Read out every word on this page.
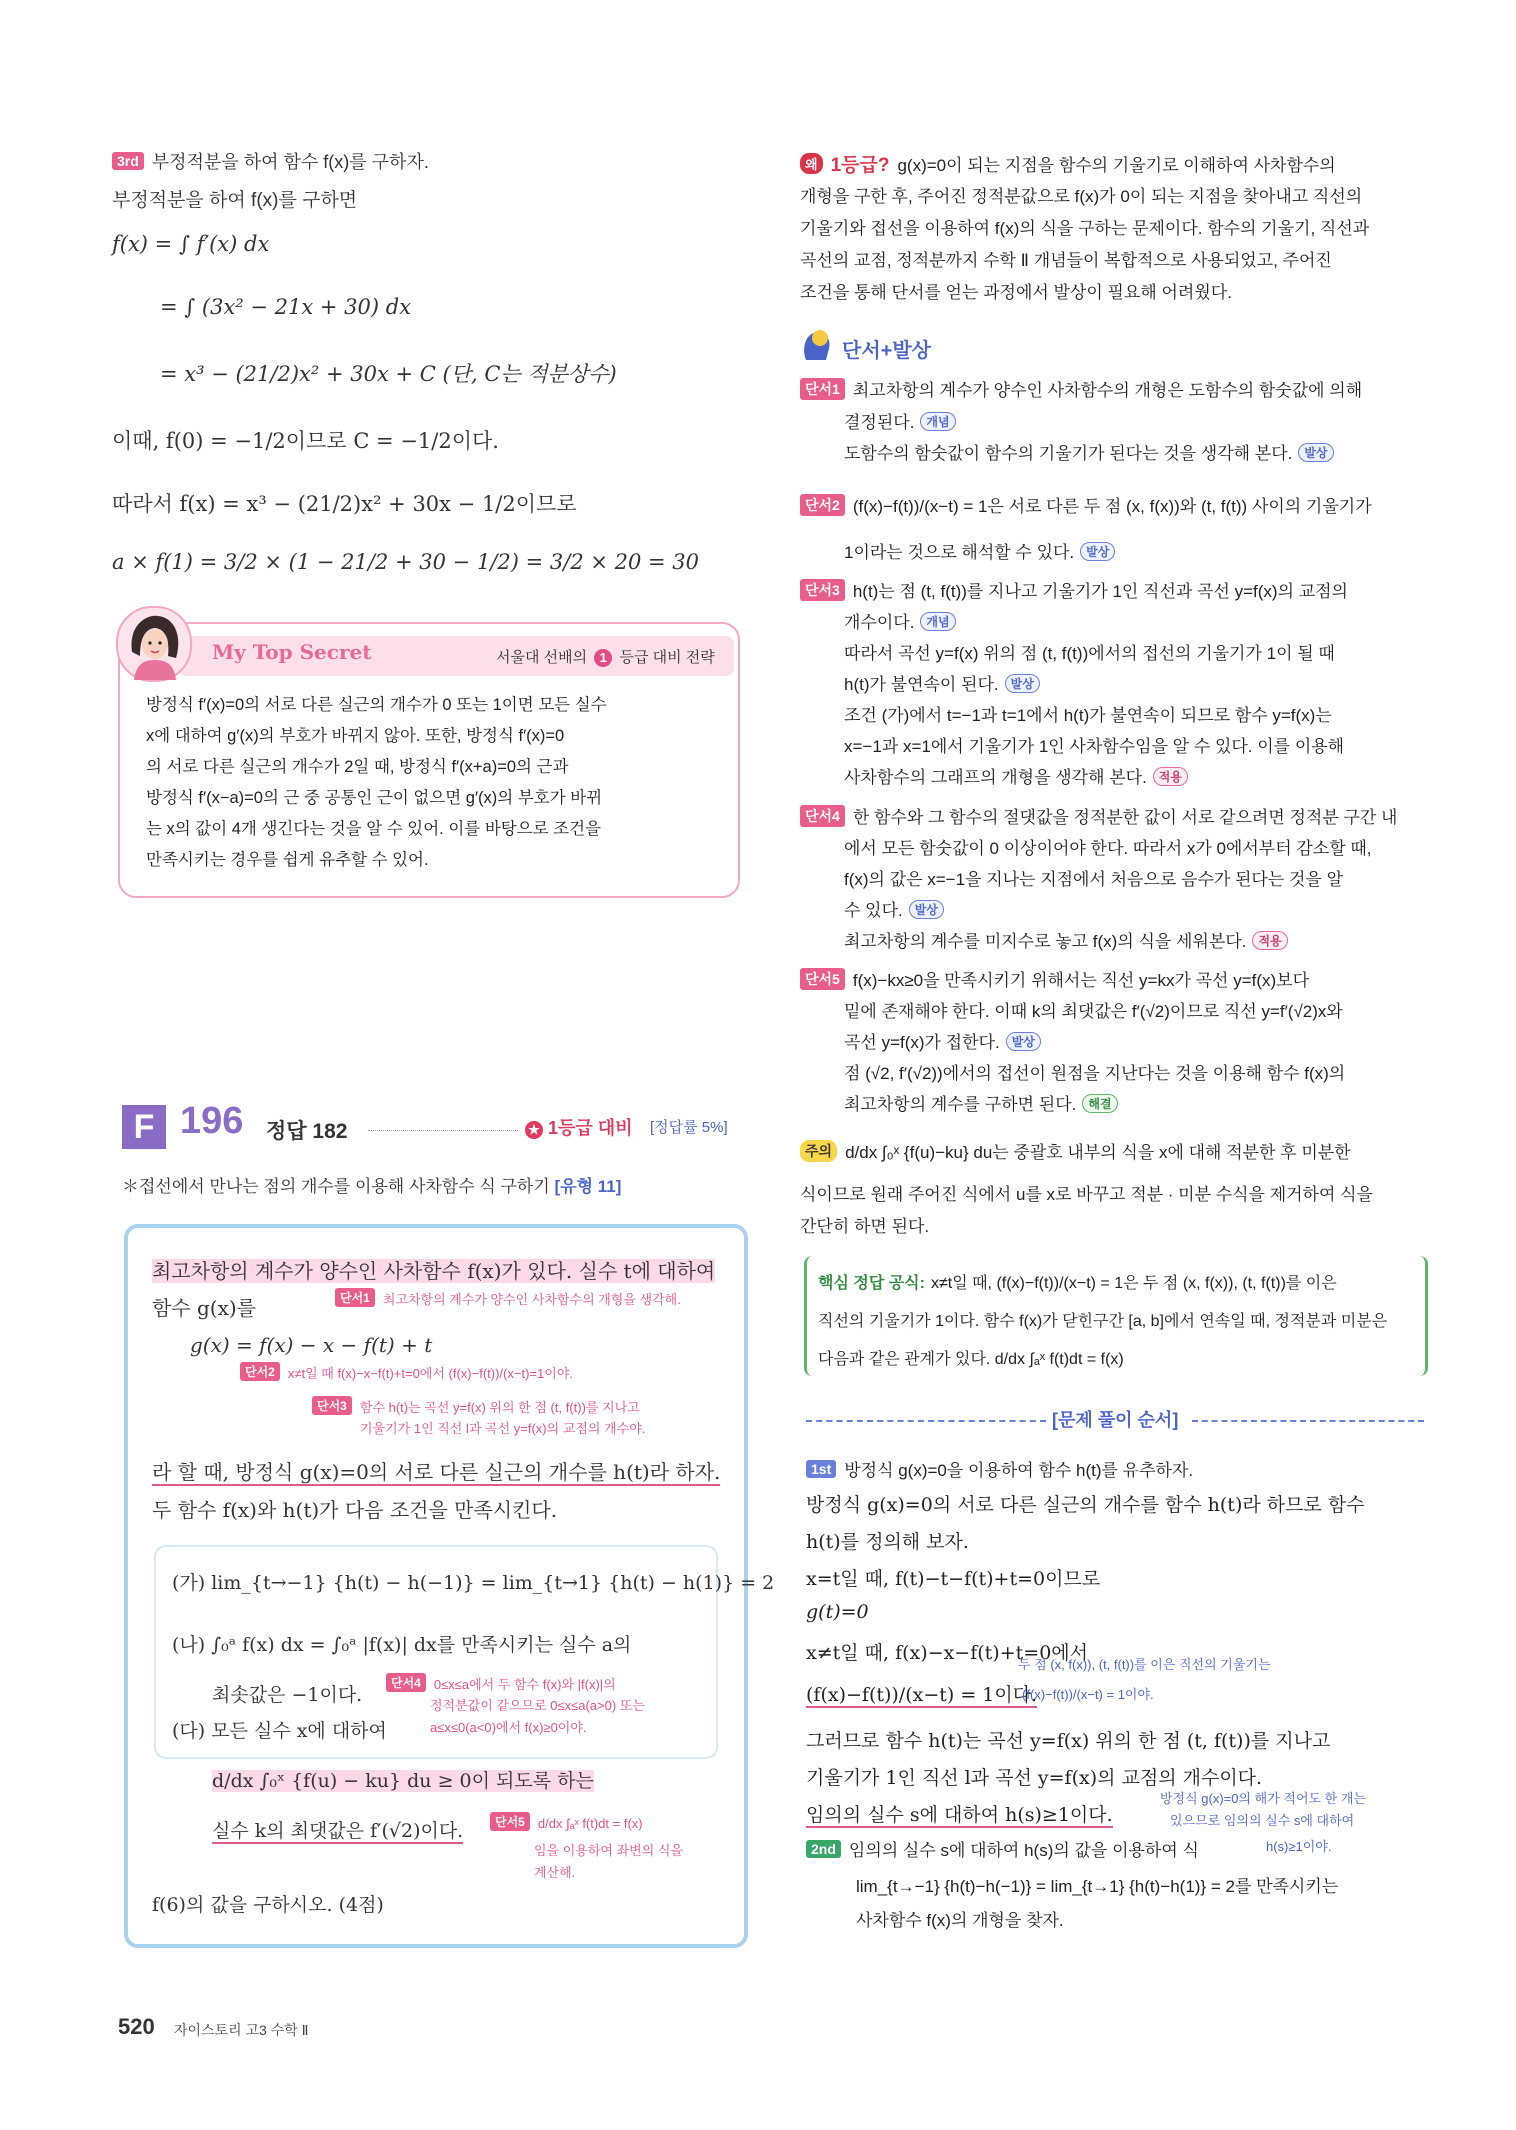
3rd 부정적분을 하여 함수 f(x)를 구하자.
부정적분을 하여 f(x)를 구하면
f(x) = ∫ f′(x) dx
= ∫ (3x² − 21x + 30) dx
= x³ − (21/2)x² + 30x + C (단, C는 적분상수)
이때, f(0) = −1/2이므로 C = −1/2이다.
따라서 f(x) = x³ − (21/2)x² + 30x − 1/2이므로
a × f(1) = 3/2 × (1 − 21/2 + 30 − 1/2) = 3/2 × 20 = 30
My Top Secret	서울대 선배의 1 등급 대비 전략
방정식 f′(x)=0의 서로 다른 실근의 개수가 0 또는 1이면 모든 실수
x에 대하여 g′(x)의 부호가 바뀌지 않아. 또한, 방정식 f′(x)=0
의 서로 다른 실근의 개수가 2일 때, 방정식 f′(x+a)=0의 근과
방정식 f′(x−a)=0의 근 중 공통인 근이 없으면 g′(x)의 부호가 바뀌
는 x의 값이 4개 생긴다는 것을 알 수 있어. 이를 바탕으로 조건을
만족시키는 경우를 쉽게 유추할 수 있어.
F 196 정답 182	★ 1등급 대비 [정답률 5%]
＊접선에서 만나는 점의 개수를 이용해 사차함수 식 구하기 [유형 11]
최고차항의 계수가 양수인 사차함수 f(x)가 있다. 실수 t에 대하여
단서1 최고차항의 계수가 양수인 사차함수의 개형을 생각해.
함수 g(x)를
g(x) = f(x) − x − f(t) + t
단서2 x≠t일 때 f(x)−x−f(t)+t=0에서 (f(x)−f(t))/(x−t)=1이야.
단서3 함수 h(t)는 곡선 y=f(x) 위의 한 점 (t, f(t))를 지나고
기울기가 1인 직선 l과 곡선 y=f(x)의 교점의 개수야.
라 할 때, 방정식 g(x)=0의 서로 다른 실근의 개수를 h(t)라 하자.
두 함수 f(x)와 h(t)가 다음 조건을 만족시킨다.
(가) lim_{t→−1} {h(t) − h(−1)} = lim_{t→1} {h(t) − h(1)} = 2
(나) ∫₀ᵃ f(x) dx = ∫₀ᵃ |f(x)| dx를 만족시키는 실수 a의
최솟값은 −1이다.
단서4 0≤x≤a에서 두 함수 f(x)와 |f(x)|의
정적분값이 같으므로 0≤x≤a(a>0) 또는
a≤x≤0(a<0)에서 f(x)≥0이야.
(다) 모든 실수 x에 대하여
d/dx ∫₀ˣ {f(u) − ku} du ≥ 0이 되도록 하는
실수 k의 최댓값은 f′(√2)이다.	단서5 d/dx ∫ₐˣ f(t)dt = f(x)
임을 이용하여 좌변의 식을
계산해.
f(6)의 값을 구하시오. (4점)
520 자이스토리 고3 수학 Ⅱ
왜 1등급? g(x)=0이 되는 지점을 함수의 기울기로 이해하여 사차함수의
개형을 구한 후, 주어진 정적분값으로 f(x)가 0이 되는 지점을 찾아내고 직선의
기울기와 접선을 이용하여 f(x)의 식을 구하는 문제이다. 함수의 기울기, 직선과
곡선의 교점, 정적분까지 수학 Ⅱ 개념들이 복합적으로 사용되었고, 주어진
조건을 통해 단서를 얻는 과정에서 발상이 필요해 어려웠다.
단서+발상
단서1 최고차항의 계수가 양수인 사차함수의 개형은 도함수의 함숫값에 의해
결정된다. 개념
도함수의 함숫값이 함수의 기울기가 된다는 것을 생각해 본다. 발상
단서2 (f(x)−f(t))/(x−t) = 1은 서로 다른 두 점 (x, f(x))와 (t, f(t)) 사이의 기울기가
1이라는 것으로 해석할 수 있다. 발상
단서3 h(t)는 점 (t, f(t))를 지나고 기울기가 1인 직선과 곡선 y=f(x)의 교점의
개수이다. 개념
따라서 곡선 y=f(x) 위의 점 (t, f(t))에서의 접선의 기울기가 1이 될 때
h(t)가 불연속이 된다. 발상
조건 (가)에서 t=−1과 t=1에서 h(t)가 불연속이 되므로 함수 y=f(x)는
x=−1과 x=1에서 기울기가 1인 사차함수임을 알 수 있다. 이를 이용해
사차함수의 그래프의 개형을 생각해 본다. 적용
단서4 한 함수와 그 함수의 절댓값을 정적분한 값이 서로 같으려면 정적분 구간 내
에서 모든 함숫값이 0 이상이어야 한다. 따라서 x가 0에서부터 감소할 때,
f(x)의 값은 x=−1을 지나는 지점에서 처음으로 음수가 된다는 것을 알
수 있다. 발상
최고차항의 계수를 미지수로 놓고 f(x)의 식을 세워본다. 적용
단서5 f(x)−kx≥0을 만족시키기 위해서는 직선 y=kx가 곡선 y=f(x)보다
밑에 존재해야 한다. 이때 k의 최댓값은 f′(√2)이므로 직선 y=f′(√2)x와
곡선 y=f(x)가 접한다. 발상
점 (√2, f′(√2))에서의 접선이 원점을 지난다는 것을 이용해 함수 f(x)의
최고차항의 계수를 구하면 된다. 해결
주의 d/dx ∫₀ˣ {f(u)−ku} du는 중괄호 내부의 식을 x에 대해 적분한 후 미분한
식이므로 원래 주어진 식에서 u를 x로 바꾸고 적분 · 미분 수식을 제거하여 식을
간단히 하면 된다.
핵심 정답 공식: x≠t일 때, (f(x)−f(t))/(x−t) = 1은 두 점 (x, f(x)), (t, f(t))를 이은
직선의 기울기가 1이다. 함수 f(x)가 닫힌구간 [a, b]에서 연속일 때, 정적분과 미분은
다음과 같은 관계가 있다. d/dx ∫ₐˣ f(t)dt = f(x)
[문제 풀이 순서]
1st 방정식 g(x)=0을 이용하여 함수 h(t)를 유추하자.
방정식 g(x)=0의 서로 다른 실근의 개수를 함수 h(t)라 하므로 함수
h(t)를 정의해 보자.
x=t일 때, f(t)−t−f(t)+t=0이므로
g(t)=0
x≠t일 때, f(x)−x−f(t)+t=0에서
(f(x)−f(t))/(x−t) = 1이다.
두 점 (x, f(x)), (t, f(t))를 이은 직선의 기울기는
(f(x)−f(t))/(x−t) = 1이야.
그러므로 함수 h(t)는 곡선 y=f(x) 위의 한 점 (t, f(t))를 지나고
기울기가 1인 직선 l과 곡선 y=f(x)의 교점의 개수이다.
임의의 실수 s에 대하여 h(s)≥1이다.
방정식 g(x)=0의 해가 적어도 한 개는
있으므로 임의의 실수 s에 대하여
h(s)≥1이야.
2nd 임의의 실수 s에 대하여 h(s)의 값을 이용하여 식
lim_{t→−1} {h(t)−h(−1)} = lim_{t→1} {h(t)−h(1)} = 2를 만족시키는
사차함수 f(x)의 개형을 찾자.
